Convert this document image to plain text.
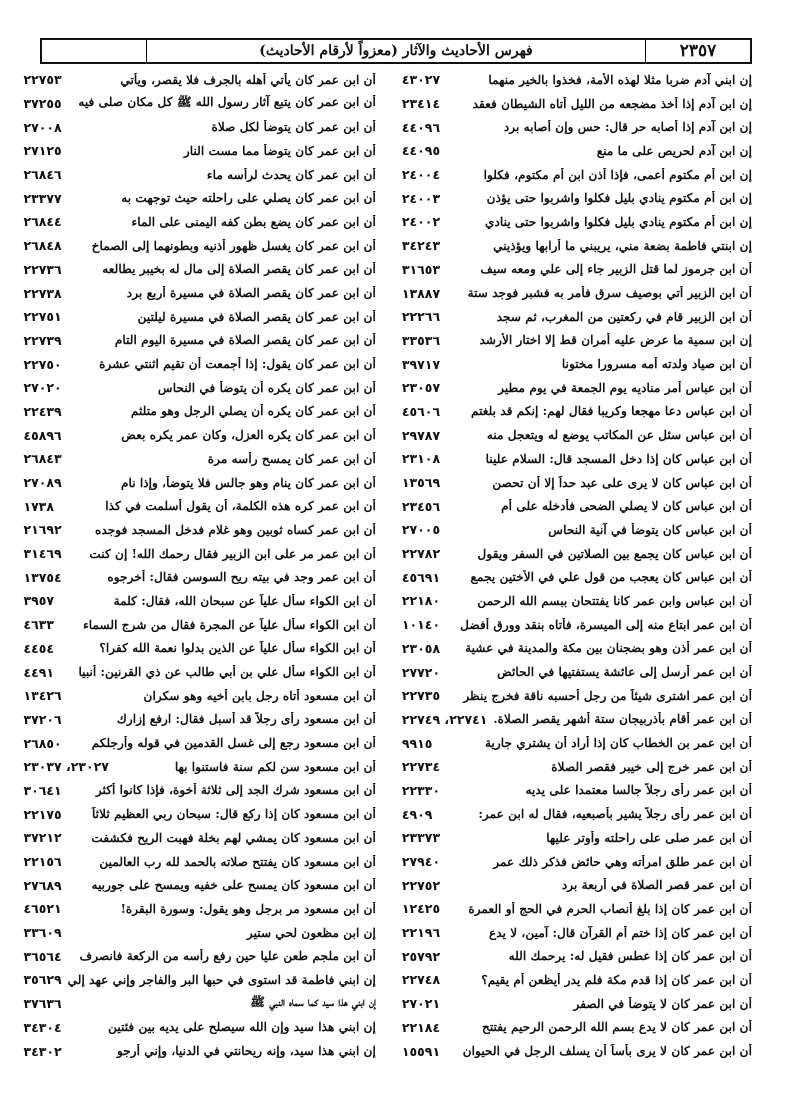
٢٣٥٧
فهرس الأحاديث والآثار (معزواً لأرقام الأحاديث)
إن ابني آدم ضربا مثلا لهذه الأمة، فخذوا بالخير منهما
٤٣٠٢٧
إن ابن آدم إذا أخذ مضجعه من الليل أتاه الشيطان فعقد
٢٣٤١٤
إن ابن آدم إذا أصابه حر قال: حس وإن أصابه برد
٤٤٠٩٦
إن ابن آدم لحريص على ما منع
٤٤٠٩٥
إن ابن أم مكتوم أعمى، فإذا أذن ابن أم مكتوم، فكلوا
٢٤٠٠٤
إن ابن أم مكتوم ينادي بليل فكلوا واشربوا حتى يؤذن
٢٤٠٠٣
إن ابن أم مكتوم ينادي بليل فكلوا واشربوا حتى ينادي
٢٤٠٠٢
إن ابنتي فاطمة بضعة مني، يريبني ما أرابها ويؤذيني
٣٤٢٤٣
أن ابن جرموز لما قتل الزبير جاء إلى علي ومعه سيف
٣١٦٥٣
أن ابن الزبير أتي بوصيف سرق فأمر به فشبر فوجد ستة
١٣٨٨٧
أن ابن الزبير قام في ركعتين من المغرب، ثم سجد
٢٢٢٦٦
إن ابن سمية ما عرض عليه أمران قط إلا اختار الأرشد
٣٣٥٣٦
أن ابن صياد ولدته أمه مسرورا مختونا
٣٩٧١٧
أن ابن عباس أمر مناديه يوم الجمعة في يوم مطير
٢٣٠٥٧
أن ابن عباس دعا مهجعا وكريبا فقال لهم: إنكم قد بلغتم
٤٥٦٠٦
أن ابن عباس سئل عن المكاتب يوضع له ويتعجل منه
٢٩٧٨٧
أن ابن عباس كان إذا دخل المسجد قال: السلام علينا
٢٣١٠٨
أن ابن عباس كان لا يرى على عبد حداً إلا أن تحصن
١٣٥٦٩
أن ابن عباس كان لا يصلي الضحى فأدخله على أم
٢٣٤٥٦
أن ابن عباس كان يتوضأ في آنية النحاس
٢٧٠٠٥
أن ابن عباس كان يجمع بين الصلاتين في السفر ويقول
٢٢٧٨٢
أن ابن عباس كان يعجب من قول علي في الأختين يجمع
٤٥٦٩١
أن ابن عباس وابن عمر كانا يفتتحان ببسم الله الرحمن
٢٢١٨٠
أن ابن عمر ابتاع منه إلى الميسرة، فأتاه بنقد وورق أفضل
١٠١٤٠
أن ابن عمر أذن وهو بضجنان بين مكة والمدينة في عشية
٢٣٠٥٨
أن ابن عمر أرسل إلى عائشة يستفتيها في الحائض
٢٧٧٢٠
أن ابن عمر اشترى شيئاً من رجل أحسبه ناقة فخرج ينظر
٢٢٧٣٥
أن ابن عمر أقام بأذربيجان ستة أشهر يقصر الصلاة.
٢٢٧٤١، ٢٢٧٤٩
أن ابن عمر بن الخطاب كان إذا أراد أن يشتري جارية
٩٩١٥
أن ابن عمر خرج إلى خيبر فقصر الصلاة
٢٢٧٣٤
أن ابن عمر رأى رجلاً جالسا معتمدا على يديه
٢٢٣٣٠
أن ابن عمر رأى رجلاً يشير بأصبعيه، فقال له ابن عمر:
٤٩٠٩
أن ابن عمر صلى على راحلته وأوتر عليها
٢٣٣٧٣
أن ابن عمر طلق امرأته وهي حائض فذكر ذلك عمر
٢٧٩٤٠
أن ابن عمر قصر الصلاة في أربعة برد
٢٢٧٥٢
أن ابن عمر كان إذا بلغ أنصاب الحرم في الحج أو العمرة
١٢٤٢٥
أن ابن عمر كان إذا ختم أم القرآن قال: آمين، لا يدع
٢٢١٩٦
أن ابن عمر كان إذا عطس فقيل له: يرحمك الله
٢٥٧٩٢
أن ابن عمر كان إذا قدم مكة فلم يدر أيظعن أم يقيم؟
٢٢٧٤٨
أن ابن عمر كان لا يتوضأ في الصفر
٢٧٠٢١
أن ابن عمر كان لا يدع بسم الله الرحمن الرحيم يفتتح
٢٢١٨٤
أن ابن عمر كان لا يرى بأساً أن يسلف الرجل في الحيوان
١٥٥٩١
أن ابن عمر كان يأتي أهله بالجرف فلا يقصر، ويأتي
٢٢٧٥٣
أن ابن عمر كان يتبع آثار رسول الله ﷺ كل مكان صلى فيه
٣٧٢٥٥
أن ابن عمر كان يتوضأ لكل صلاة
٢٧٠٠٨
أن ابن عمر كان يتوضأ مما مست النار
٢٧١٢٥
أن ابن عمر كان يحدث لرأسه ماء
٢٦٨٤٦
أن ابن عمر كان يصلي على راحلته حيث توجهت به
٢٣٣٧٧
أن ابن عمر كان يضع بطن كفه اليمنى على الماء
٢٦٨٤٤
أن ابن عمر كان يغسل ظهور أذنيه وبطونهما إلى الصماخ
٢٦٨٤٨
أن ابن عمر كان يقصر الصلاة إلى مال له بخيبر يطالعه
٢٢٧٣٦
أن ابن عمر كان يقصر الصلاة في مسيرة أربع برد
٢٢٧٣٨
أن ابن عمر كان يقصر الصلاة في مسيرة ليلتين
٢٢٧٥١
أن ابن عمر كان يقصر الصلاة في مسيرة اليوم التام
٢٢٧٣٩
أن ابن عمر كان يقول: إذا أجمعت أن تقيم اثنتي عشرة
٢٢٧٥٠
أن ابن عمر كان يكره أن يتوضأ في النحاس
٢٧٠٢٠
أن ابن عمر كان يكره أن يصلي الرجل وهو متلثم
٢٢٤٣٩
أن ابن عمر كان يكره العزل، وكان عمر يكره بعض
٤٥٨٩٦
أن ابن عمر كان يمسح رأسه مرة
٢٦٨٤٣
أن ابن عمر كان ينام وهو جالس فلا يتوضأ، وإذا نام
٢٧٠٨٩
أن ابن عمر كره هذه الكلمة، أن يقول أسلمت في كذا
١٧٣٨
أن ابن عمر كساه ثوبين وهو غلام فدخل المسجد فوجده
٢١٦٩٢
أن ابن عمر مر على ابن الزبير فقال رحمك الله! إن كنت
٣١٤٦٩
أن ابن عمر وجد في بيته ريح السوسن فقال: أخرجوه
١٣٧٥٤
أن ابن الكواء سأل علياً عن سبحان الله، فقال: كلمة
٣٩٥٧
أن ابن الكواء سأل علياً عن المجرة فقال من شرج السماء
٤٦٣٣
أن ابن الكواء سأل علياً عن الذين بدلوا نعمة الله كفرا؟
٤٤٥٤
أن ابن الكواء سأل علي بن أبي طالب عن ذي القرنين: أنبيا
٤٤٩١
أن ابن مسعود أتاه رجل بابن أخيه وهو سكران
١٣٤٢٦
أن ابن مسعود رأى رجلاً قد أسبل فقال: ارفع إزارك
٣٧٢٠٦
أن ابن مسعود رجع إلى غسل القدمين في قوله وأرجلكم
٢٦٨٥٠
أن ابن مسعود سن لكم سنة فاستنوا بها
٢٣٠٢٧، ٢٣٠٣٧
أن ابن مسعود شرك الجد إلى ثلاثة أخوة، فإذا كانوا أكثر
٣٠٦٤١
أن ابن مسعود كان إذا ركع قال: سبحان ربي العظيم ثلاثاً
٢٢١٧٥
أن ابن مسعود كان يمشي لهم بخلة فهبت الريح فكشفت
٣٧٢١٢
أن ابن مسعود كان يفتتح صلاته بالحمد لله رب العالمين
٢٢١٥٦
أن ابن مسعود كان يمسح على خفيه ويمسح على جوربيه
٢٧٦٨٩
أن ابن مسعود مر برجل وهو يقول: وسورة البقرة!
٤٦٥٢١
إن ابن مظعون لحي ستير
٣٣٦٠٩
أن ابن ملجم طعن عليا حين رفع رأسه من الركعة فانصرف
٣٦٥٦٤
إن ابني فاطمة قد استوى في حبها البر والفاجر وإني عهد إلي
٣٥٦٢٩
إن ابني هذا سيد كما سماه النبي ﷺ
٣٧٦٣٦
إن ابني هذا سيد وإن الله سيصلح على يديه بين فئتين
٣٤٣٠٤
إن ابني هذا سيد، وإنه ريحانتي في الدنيا، وإني أرجو
٣٤٣٠٢
